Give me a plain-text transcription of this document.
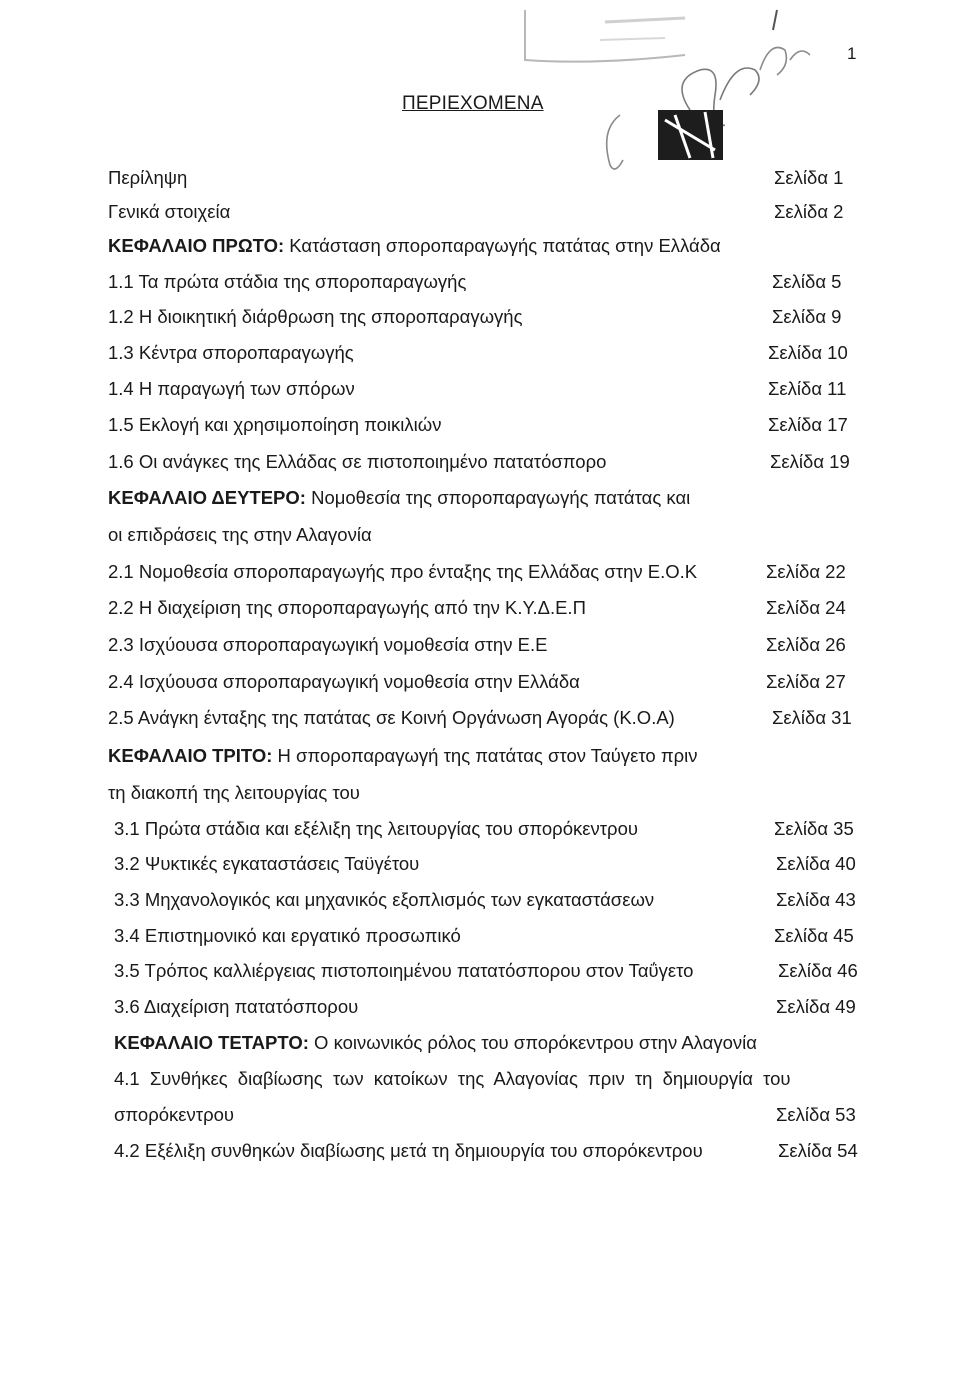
1
ΠΕΡΙΕΧΟΜΕΝΑ
Περίληψη	Σελίδα 1
Γενικά στοιχεία	Σελίδα 2
ΚΕΦΑΛΑΙΟ ΠΡΩΤΟ: Κατάσταση σποροπαραγωγής πατάτας στην Ελλάδα
1.1 Τα πρώτα στάδια της σποροπαραγωγής	Σελίδα 5
1.2 Η διοικητική διάρθρωση της σποροπαραγωγής	Σελίδα 9
1.3 Κέντρα σποροπαραγωγής	Σελίδα 10
1.4 Η παραγωγή των σπόρων	Σελίδα 11
1.5 Εκλογή και χρησιμοποίηση ποικιλιών	Σελίδα 17
1.6 Οι ανάγκες της Ελλάδας σε πιστοποιημένο πατατόσπορο	Σελίδα 19
ΚΕΦΑΛΑΙΟ ΔΕΥΤΕΡΟ: Νομοθεσία της σποροπαραγωγής πατάτας και
οι επιδράσεις της στην Αλαγονία
2.1 Νομοθεσία σποροπαραγωγής προ ένταξης της Ελλάδας στην Ε.Ο.Κ	Σελίδα 22
2.2 Η διαχείριση της σποροπαραγωγής από την Κ.Υ.Δ.Ε.Π	Σελίδα 24
2.3 Ισχύουσα σποροπαραγωγική νομοθεσία στην Ε.Ε	Σελίδα 26
2.4 Ισχύουσα σποροπαραγωγική νομοθεσία στην Ελλάδα	Σελίδα 27
2.5 Ανάγκη ένταξης της πατάτας σε Κοινή Οργάνωση Αγοράς (Κ.Ο.Α)	Σελίδα 31
ΚΕΦΑΛΑΙΟ ΤΡΙΤΟ: Η σποροπαραγωγή της πατάτας στον Ταύγετο πριν
τη διακοπή της λειτουργίας του
3.1 Πρώτα στάδια και εξέλιξη της λειτουργίας του σπορόκεντρου	Σελίδα 35
3.2 Ψυκτικές εγκαταστάσεις Ταϋγέτου	Σελίδα 40
3.3 Μηχανολογικός και μηχανικός εξοπλισμός των εγκαταστάσεων	Σελίδα 43
3.4 Επιστημονικό και εργατικό προσωπικό	Σελίδα 45
3.5 Τρόπος καλλιέργειας πιστοποιημένου πατατόσπορου στον Ταΰγετο	Σελίδα 46
3.6 Διαχείριση πατατόσπορου	Σελίδα 49
ΚΕΦΑΛΑΙΟ ΤΕΤΑΡΤΟ: Ο κοινωνικός ρόλος του σπορόκεντρου στην Αλαγονία
4.1 Συνθήκες διαβίωσης των κατοίκων της Αλαγονίας πριν τη δημιουργία του
σπορόκεντρου	Σελίδα 53
4.2 Εξέλιξη συνθηκών διαβίωσης μετά τη δημιουργία του σπορόκεντρου	Σελίδα 54
